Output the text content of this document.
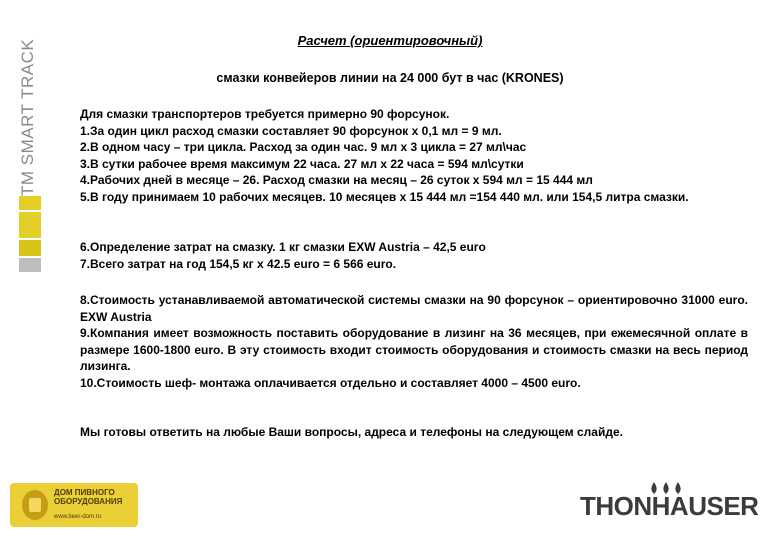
TM SMART TRACK	Расчет (ориентировочный)
смазки конвейеров линии на 24 000 бут в час (KRONES)

Для смазки транспортеров требуется примерно 90 форсунок.

1.За один цикл расход смазки составляет 90 форсунок х 0,1 мл = 9 мл.

2.В одном часу – три цикла. Расход за один час. 9 мл х 3 цикла = 27 мл\час

3.В сутки рабочее время максимум 22 часа. 27 мл х 22 часа = 594 мл\сутки

4.Рабочих дней в месяце – 26. Расход смазки на месяц – 26 суток х 594 мл = 15 444 мл

5.В году принимаем 10 рабочих месяцев. 10 месяцев х 15 444 мл =154 440 мл. или 154,5 литра смазки.

6.Определение затрат на смазку. 1 кг смазки EXW Austria – 42,5 euro

7.Всего затрат на год 154,5 кг х 42.5 euro = 6 566 euro.

8.Стоимость устанавливаемой автоматической системы смазки на 90 форсунок – ориентировочно 31000 euro. EXW Austria

9.Компания имеет возможность поставить оборудование в лизинг на 36 месяцев, при ежемесячной оплате в размере 1600-1800 euro. В эту стоимость входит стоимость оборудования и стоимость смазки на весь период лизинга.

10.Стоимость шеф- монтажа оплачивается отдельно и составляет 4000 – 4500 euro.

Мы готовы ответить на любые Ваши вопросы, адреса и телефоны на следующем слайде.

ДОМ ПИВНОГО
ОБОРУДОВАНИЯ
www.beer-dom.ru	THONHAUSER
